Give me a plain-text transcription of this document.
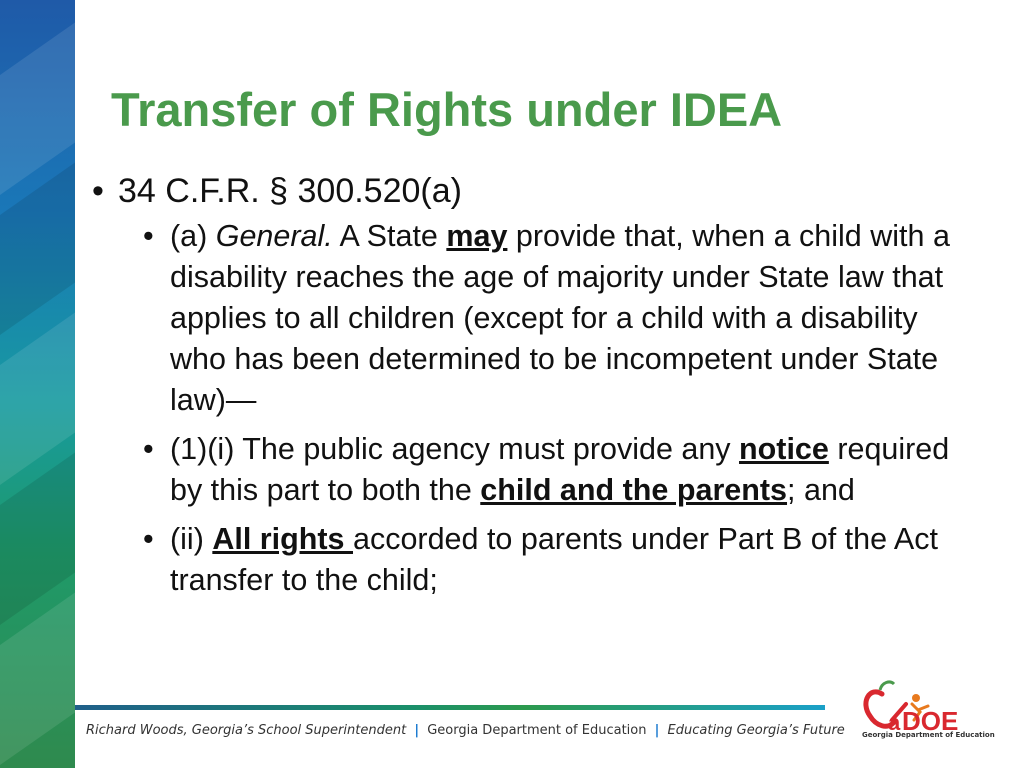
Transfer of Rights under IDEA
• 34 C.F.R. § 300.520(a)
• (a) General. A State may provide that, when a child with a disability reaches the age of majority under State law that applies to all children (except for a child with a disability who has been determined to be incompetent under State law)—
• (1)(i) The public agency must provide any notice required by this part to both the child and the parents; and
• (ii) All rights accorded to parents under Part B of the Act transfer to the child;
Richard Woods, Georgia’s School Superintendent | Georgia Department of Education | Educating Georgia’s Future DOE
a
Georgia Department of Education
